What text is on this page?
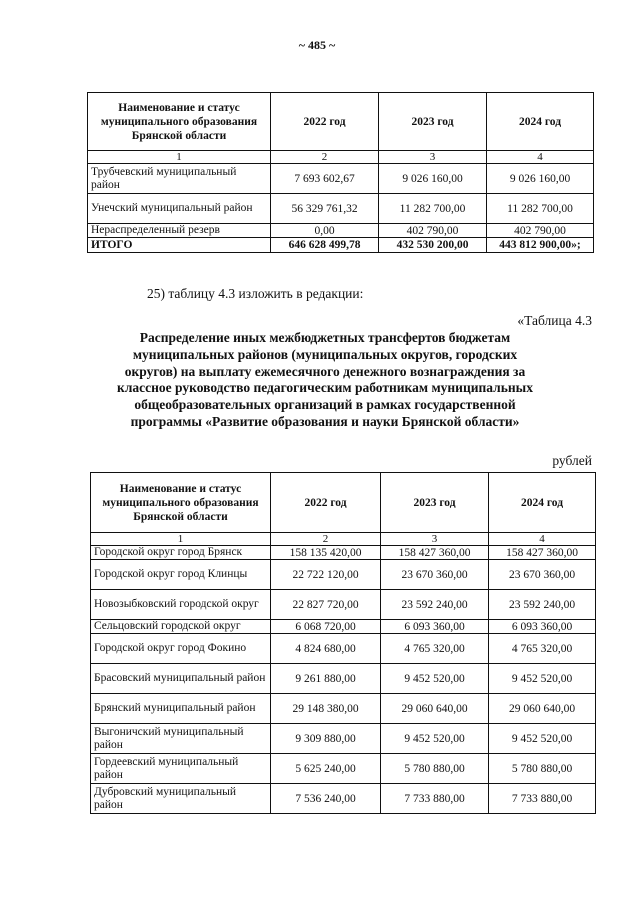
~ 485 ~
Наименование и статус муниципального образования Брянской области	2022 год	2023 год	2024 год
1	2	3	4
Трубчевский муниципальный район	7 693 602,67	9 026 160,00	9 026 160,00
Унечский муниципальный район	56 329 761,32	11 282 700,00	11 282 700,00
Нераспределенный резерв	0,00	402 790,00	402 790,00
ИТОГО	646 628 499,78	432 530 200,00	443 812 900,00»;
25) таблицу 4.3 изложить в редакции:
«Таблица 4.3
Распределение иных межбюджетных трансфертов бюджетам муниципальных районов (муниципальных округов, городских округов) на выплату ежемесячного денежного вознаграждения за классное руководство педагогическим работникам муниципальных общеобразовательных организаций в рамках государственной программы «Развитие образования и науки Брянской области»
рублей
Наименование и статус муниципального образования Брянской области	2022 год	2023 год	2024 год
1	2	3	4
Городской округ город Брянск	158 135 420,00	158 427 360,00	158 427 360,00
Городской округ город Клинцы	22 722 120,00	23 670 360,00	23 670 360,00
Новозыбковский городской округ	22 827 720,00	23 592 240,00	23 592 240,00
Сельцовский городской округ	6 068 720,00	6 093 360,00	6 093 360,00
Городской округ город Фокино	4 824 680,00	4 765 320,00	4 765 320,00
Брасовский муниципальный район	9 261 880,00	9 452 520,00	9 452 520,00
Брянский муниципальный район	29 148 380,00	29 060 640,00	29 060 640,00
Выгоничский муниципальный район	9 309 880,00	9 452 520,00	9 452 520,00
Гордеевский муниципальный район	5 625 240,00	5 780 880,00	5 780 880,00
Дубровский муниципальный район	7 536 240,00	7 733 880,00	7 733 880,00
